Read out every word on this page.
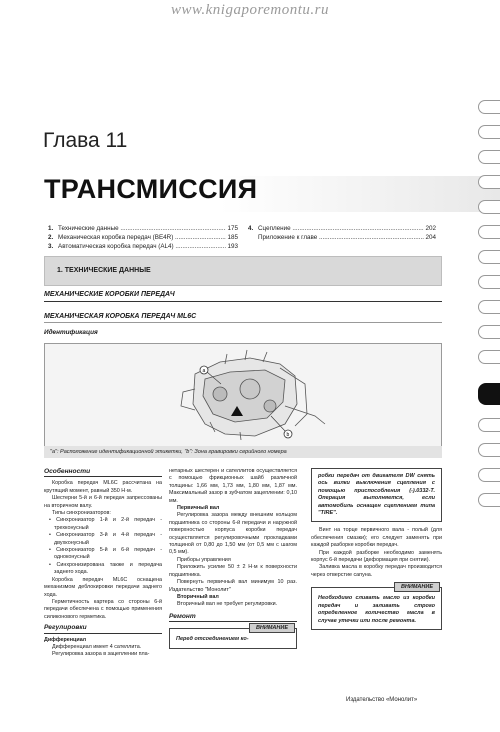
www.knigaporemontu.ru
Глава 11
ТРАНСМИССИЯ
1. Технические данные .....	175
2. Механическая коробка передач (BE4R) .....	185
3. Автоматическая коробка передач (AL4) .....	193
4. Сцепление .....	202
Приложение к главе .....	204
1. ТЕХНИЧЕСКИЕ ДАННЫЕ
МЕХАНИЧЕСКИЕ КОРОБКИ ПЕРЕДАЧ
МЕХАНИЧЕСКАЯ КОРОБКА ПЕРЕДАЧ ML6C
Идентификация
a
b
"a": Расположение идентификационной этикетки, "b": Зона гравировки серийного номера
Особенности

Коробка передач ML6C рассчитана на крутящий момент, равный 350 Н·м.

Шестерни 5-й и 6-й передач запрессованы на вторичном валу.

Типы синхронизаторов:

• Синхронизатор 1-й и 2-й передач - трехконусный
• Синхронизатор 3-й и 4-й передач - двухконусный
• Синхронизатор 5-й и 6-й передач - одноконусный
• Синхронизирована также и передача заднего хода.

Коробка передач ML6C оснащена механизмом деблокировки передачи заднего хода.

Герметичность картера со стороны 6-й передачи обеспечена с помощью применения силиконового герметика.

Регулировки
Дифференциал

Дифференциал имеет 4 сателлита.

Регулировка зазора в зацеплении пла-

нетарных шестерен и сателлитов осуществляется с помощью фрикционных шайб различной толщины: 1,66 мм, 1,73 мм, 1,80 мм, 1,87 мм. Максимальный зазор в зубчатом зацеплении: 0,10 мм.

Первичный вал

Регулировка зазора между внешним кольцом подшипника со стороны 6-й передачи и наружной поверхностью корпуса коробки передач осуществляется регулировочными прокладками толщиной от 0,80 до 1,50 мм (от 0,5 мм с шагом 0,5 мм).

Приборы управления

Приложить усилие 50 ± 2 Н·м к поверхности подшипника.

Повернуть первичный вал минимум 10 раз. Издательство "Монолит"

Вторичный вал

Вторичный вал не требует регулировки.

Ремонт
ВНИМАНИЕ
Перед отсоединением ко-
робки передач от двигателя DW снять ось вилки выключения сцепления с помощью приспособления (-).0332-Т. Операция выполняется, если автомобиль оснащен сцеплением типа "TIRE".

Винт на торце первичного вала - полый (для обеспечения смазки); его следует заменять при каждой разборке коробки передач.

При каждой разборке необходимо заменять корпус 6-й передачи (деформация при снятии).

Заливка масла в коробку передач производится через отверстие сапуна.

ВНИМАНИЕ
Необходимо сливать масло из коробки передач и заливать строго определенное количество масла в случае утечки или после ремонта.
Издательство «Монолит»
